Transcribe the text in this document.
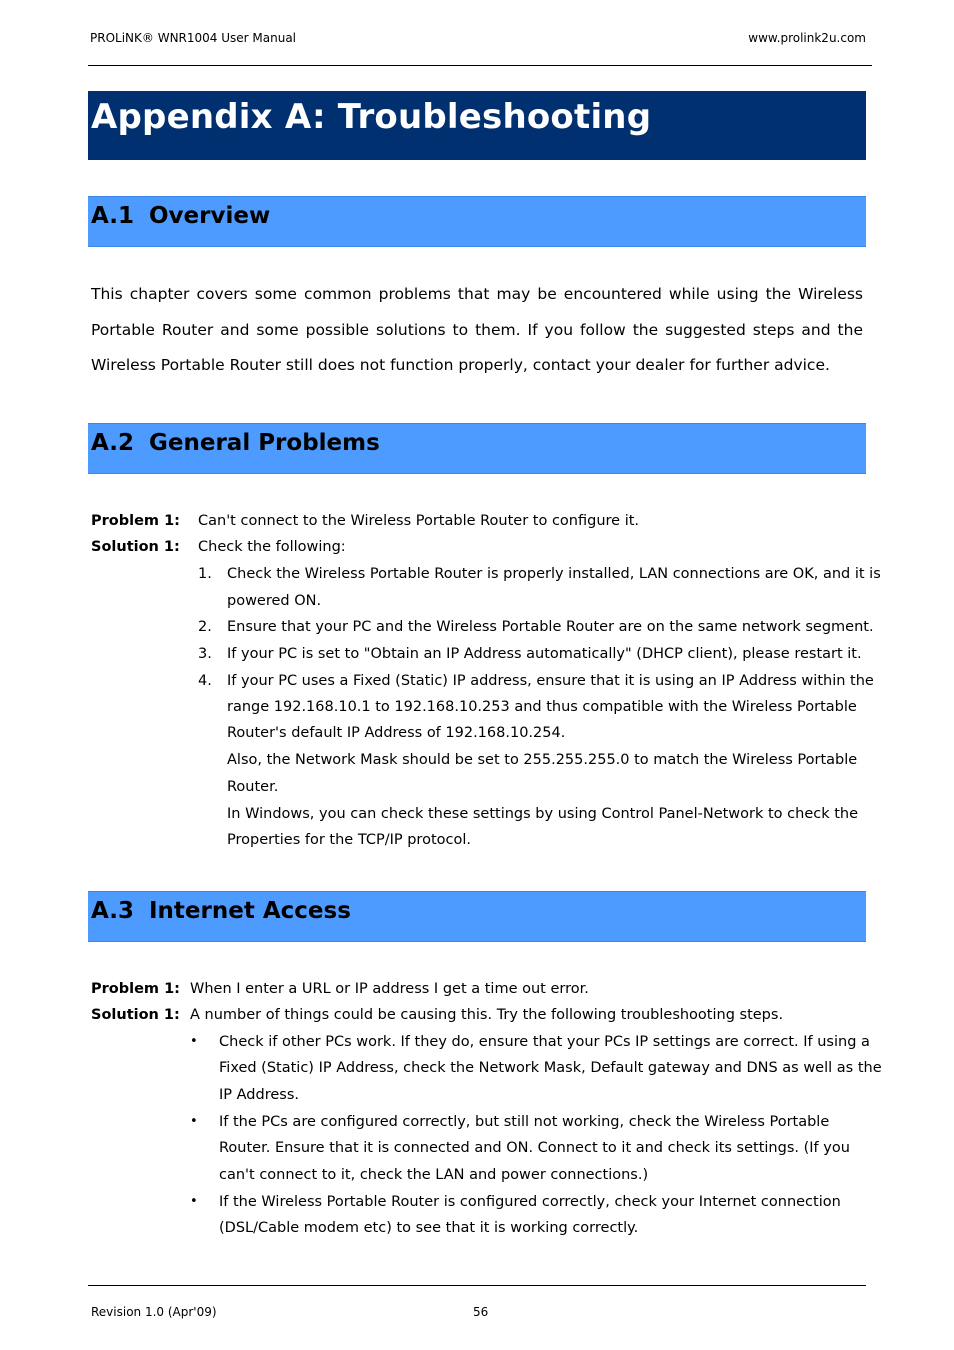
PROLiNK® WNR1004 User Manual	www.prolink2u.com
Appendix A: Troubleshooting
A.1 Overview
This chapter covers some common problems that may be encountered while using the Wireless Portable Router and some possible solutions to them. If you follow the suggested steps and the Wireless Portable Router still does not function properly, contact your dealer for further advice.
A.2 General Problems
Problem 1: Can't connect to the Wireless Portable Router to configure it.
Solution 1: Check the following:
1. Check the Wireless Portable Router is properly installed, LAN connections are OK, and it is
powered ON.
2. Ensure that your PC and the Wireless Portable Router are on the same network segment.
3. If your PC is set to "Obtain an IP Address automatically" (DHCP client), please restart it.
4. If your PC uses a Fixed (Static) IP address, ensure that it is using an IP Address within the
range 192.168.10.1 to 192.168.10.253 and thus compatible with the Wireless Portable
Router's default IP Address of 192.168.10.254.
Also, the Network Mask should be set to 255.255.255.0 to match the Wireless Portable
Router.
In Windows, you can check these settings by using Control Panel-Network to check the
Properties for the TCP/IP protocol.
A.3 Internet Access
Problem 1: When I enter a URL or IP address I get a time out error.
Solution 1: A number of things could be causing this. Try the following troubleshooting steps.
• Check if other PCs work. If they do, ensure that your PCs IP settings are correct. If using a
Fixed (Static) IP Address, check the Network Mask, Default gateway and DNS as well as the
IP Address.
• If the PCs are configured correctly, but still not working, check the Wireless Portable
Router. Ensure that it is connected and ON. Connect to it and check its settings. (If you
can't connect to it, check the LAN and power connections.)
• If the Wireless Portable Router is configured correctly, check your Internet connection
(DSL/Cable modem etc) to see that it is working correctly.
Revision 1.0 (Apr'09)	56
